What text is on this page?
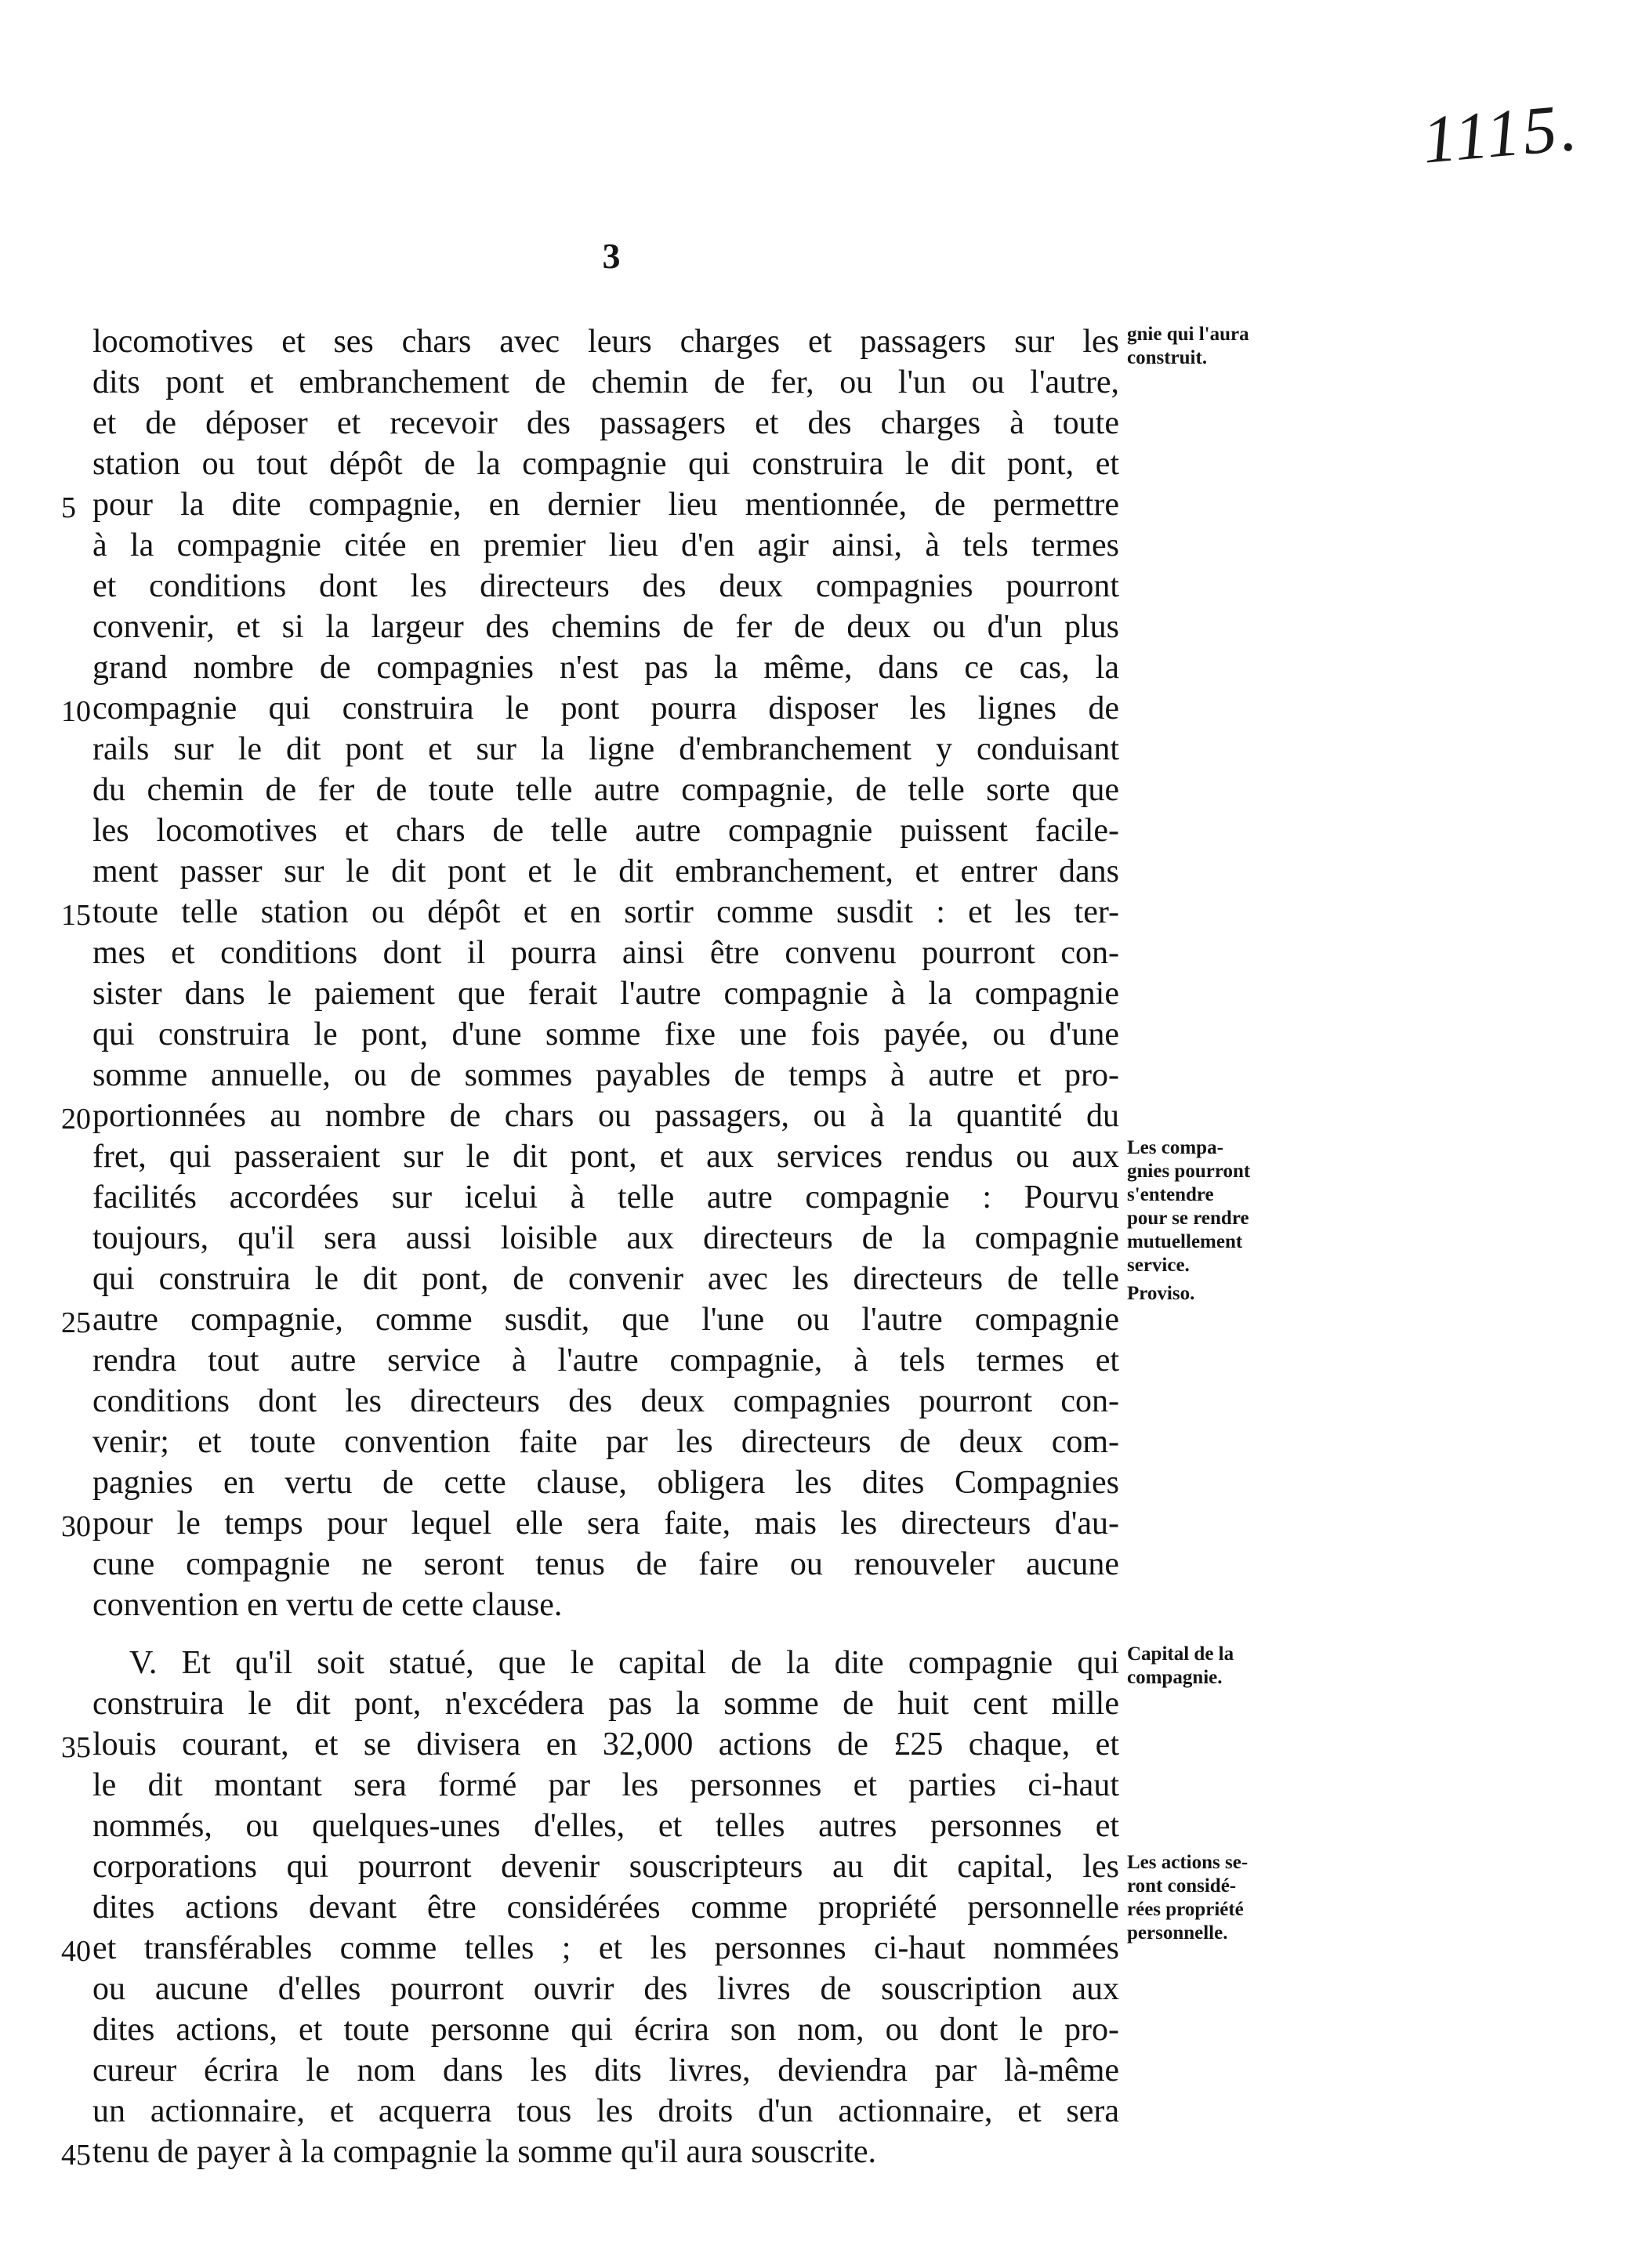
1115.
3
locomotives et ses chars avec leurs charges et passagers sur les
dits pont et embranchement de chemin de fer, ou l'un ou l'autre,
et de déposer et recevoir des passagers et des charges à toute
station ou tout dépôt de la compagnie qui construira le dit pont, et
5 pour la dite compagnie, en dernier lieu mentionnée, de permettre
à la compagnie citée en premier lieu d'en agir ainsi, à tels termes
et conditions dont les directeurs des deux compagnies pourront
convenir, et si la largeur des chemins de fer de deux ou d'un plus
grand nombre de compagnies n'est pas la même, dans ce cas, la
10 compagnie qui construira le pont pourra disposer les lignes de
rails sur le dit pont et sur la ligne d'embranchement y conduisant
du chemin de fer de toute telle autre compagnie, de telle sorte que
les locomotives et chars de telle autre compagnie puissent facile-
ment passer sur le dit pont et le dit embranchement, et entrer dans
15 toute telle station ou dépôt et en sortir comme susdit : et les ter-
mes et conditions dont il pourra ainsi être convenu pourront con-
sister dans le paiement que ferait l'autre compagnie à la compagnie
qui construira le pont, d'une somme fixe une fois payée, ou d'une
somme annuelle, ou de sommes payables de temps à autre et pro-
20 portionnées au nombre de chars ou passagers, ou à la quantité du
fret, qui passeraient sur le dit pont, et aux services rendus ou aux
facilités accordées sur icelui à telle autre compagnie : Pourvu
toujours, qu'il sera aussi loisible aux directeurs de la compagnie
qui construira le dit pont, de convenir avec les directeurs de telle
25 autre compagnie, comme susdit, que l'une ou l'autre compagnie
rendra tout autre service à l'autre compagnie, à tels termes et
conditions dont les directeurs des deux compagnies pourront con-
venir; et toute convention faite par les directeurs de deux com-
pagnies en vertu de cette clause, obligera les dites Compagnies
30 pour le temps pour lequel elle sera faite, mais les directeurs d'au-
cune compagnie ne seront tenus de faire ou renouveler aucune
convention en vertu de cette clause.
V. Et qu'il soit statué, que le capital de la dite compagnie qui
construira le dit pont, n'excédera pas la somme de huit cent mille
35 louis courant, et se divisera en 32,000 actions de £25 chaque, et
le dit montant sera formé par les personnes et parties ci-haut
nommés, ou quelques-unes d'elles, et telles autres personnes et
corporations qui pourront devenir souscripteurs au dit capital, les
dites actions devant être considérées comme propriété personnelle
40 et transférables comme telles ; et les personnes ci-haut nommées
ou aucune d'elles pourront ouvrir des livres de souscription aux
dites actions, et toute personne qui écrira son nom, ou dont le pro-
cureur écrira le nom dans les dits livres, deviendra par là-même
un actionnaire, et acquerra tous les droits d'un actionnaire, et sera
45 tenu de payer à la compagnie la somme qu'il aura souscrite.
gnie qui l'aura
construit.
Les compa-
gnies pourront
s'entendre
pour se rendre
mutuellement
service.
Proviso.
Capital de la
compagnie.
Les actions se-
ront considé-
rées propriété
personnelle.
